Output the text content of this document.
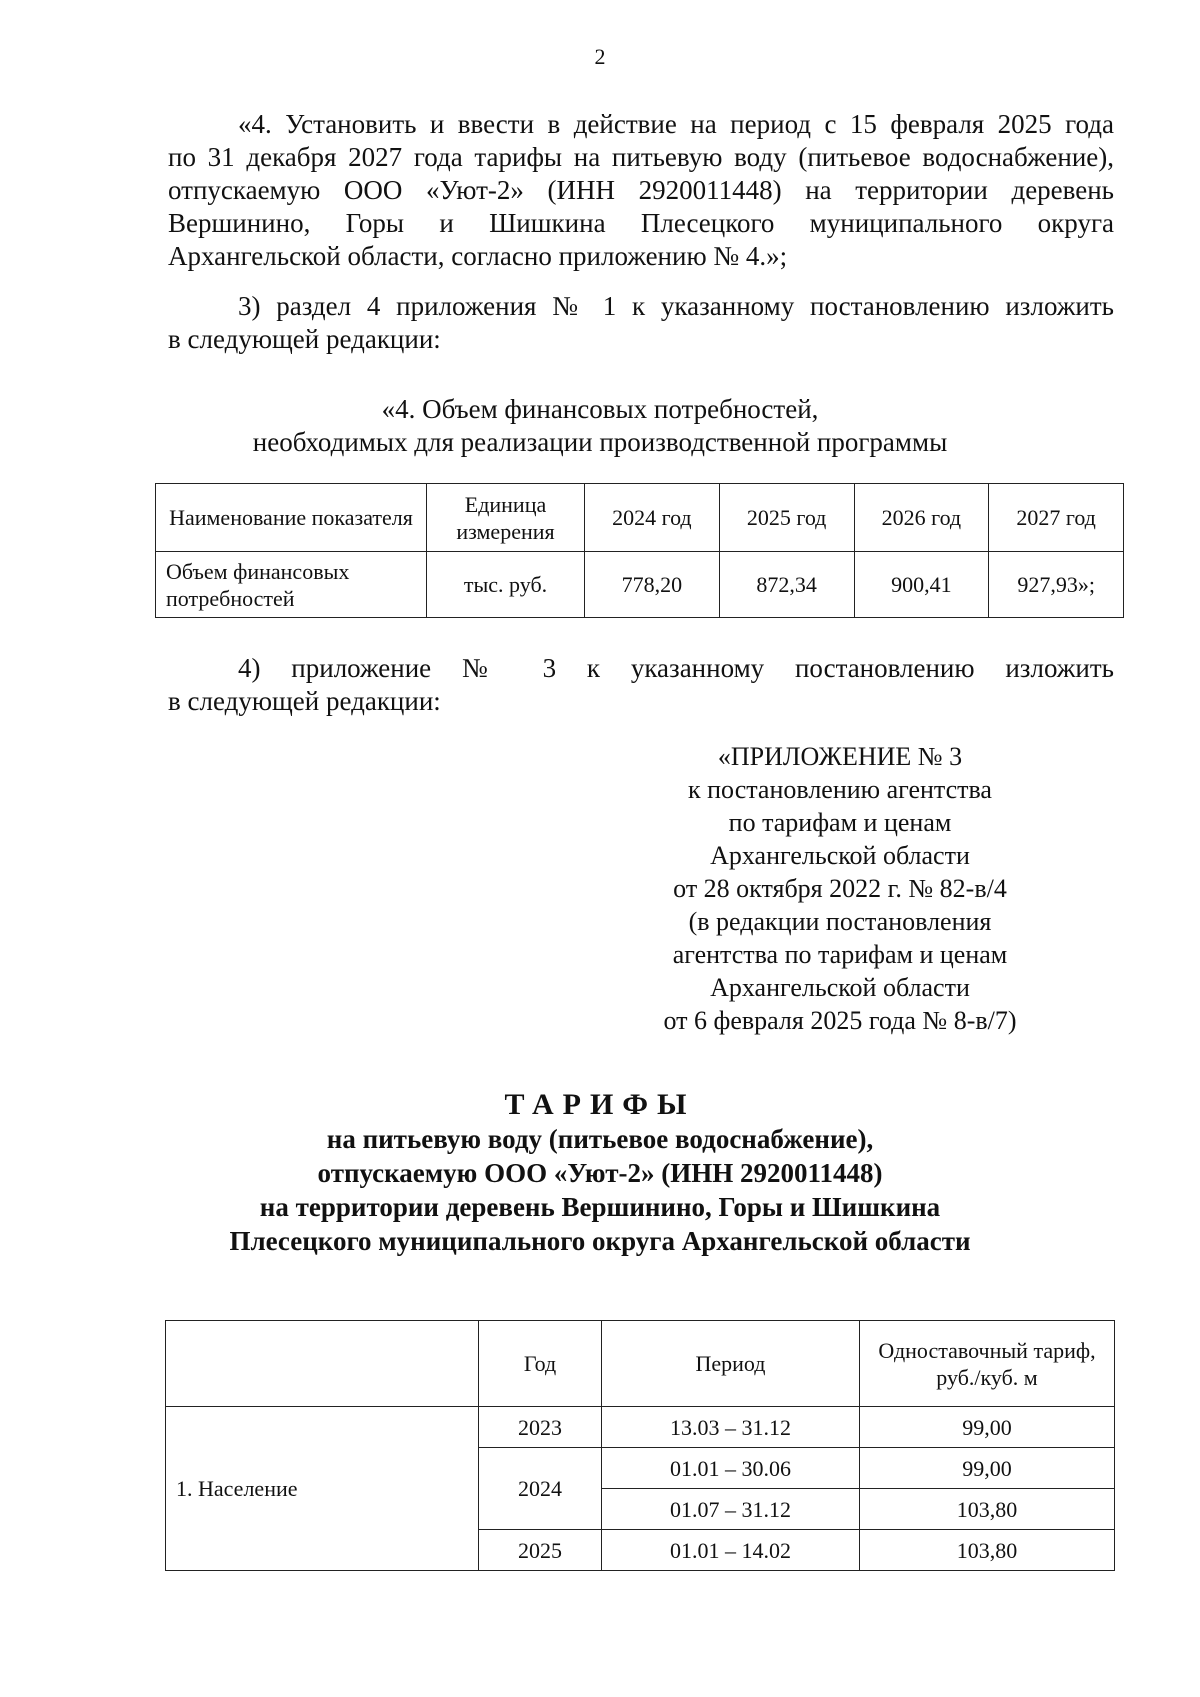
2
«4. Установить и ввести в действие на период с 15 февраля 2025 года
по 31 декабря 2027 года тарифы на питьевую воду (питьевое водоснабжение),
отпускаемую ООО «Уют-2» (ИНН 2920011448) на территории деревень
Вершинино, Горы и Шишкина Плесецкого муниципального округа
Архангельской области, согласно приложению № 4.»;
3) раздел 4 приложения № 1 к указанному постановлению изложить
в следующей редакции:
«4. Объем финансовых потребностей,
необходимых для реализации производственной программы
Наименование показателя	Единица измерения	2024 год	2025 год	2026 год	2027 год
Объем финансовых потребностей	тыс. руб.	778,20	872,34	900,41	927,93»;
4) приложение № 3 к указанному постановлению изложить
в следующей редакции:
«ПРИЛОЖЕНИЕ № 3
к постановлению агентства
по тарифам и ценам
Архангельской области
от 28 октября 2022 г. № 82-в/4
(в редакции постановления
агентства по тарифам и ценам
Архангельской области
от 6 февраля 2025 года № 8-в/7)
ТАРИФЫ
на питьевую воду (питьевое водоснабжение),
отпускаемую ООО «Уют-2» (ИНН 2920011448)
на территории деревень Вершинино, Горы и Шишкина
Плесецкого муниципального округа Архангельской области
	Год	Период	Одноставочный тариф, руб./куб. м
1. Население	2023	13.03 – 31.12	99,00
	2024	01.01 – 30.06	99,00
		01.07 – 31.12	103,80
	2025	01.01 – 14.02	103,80
